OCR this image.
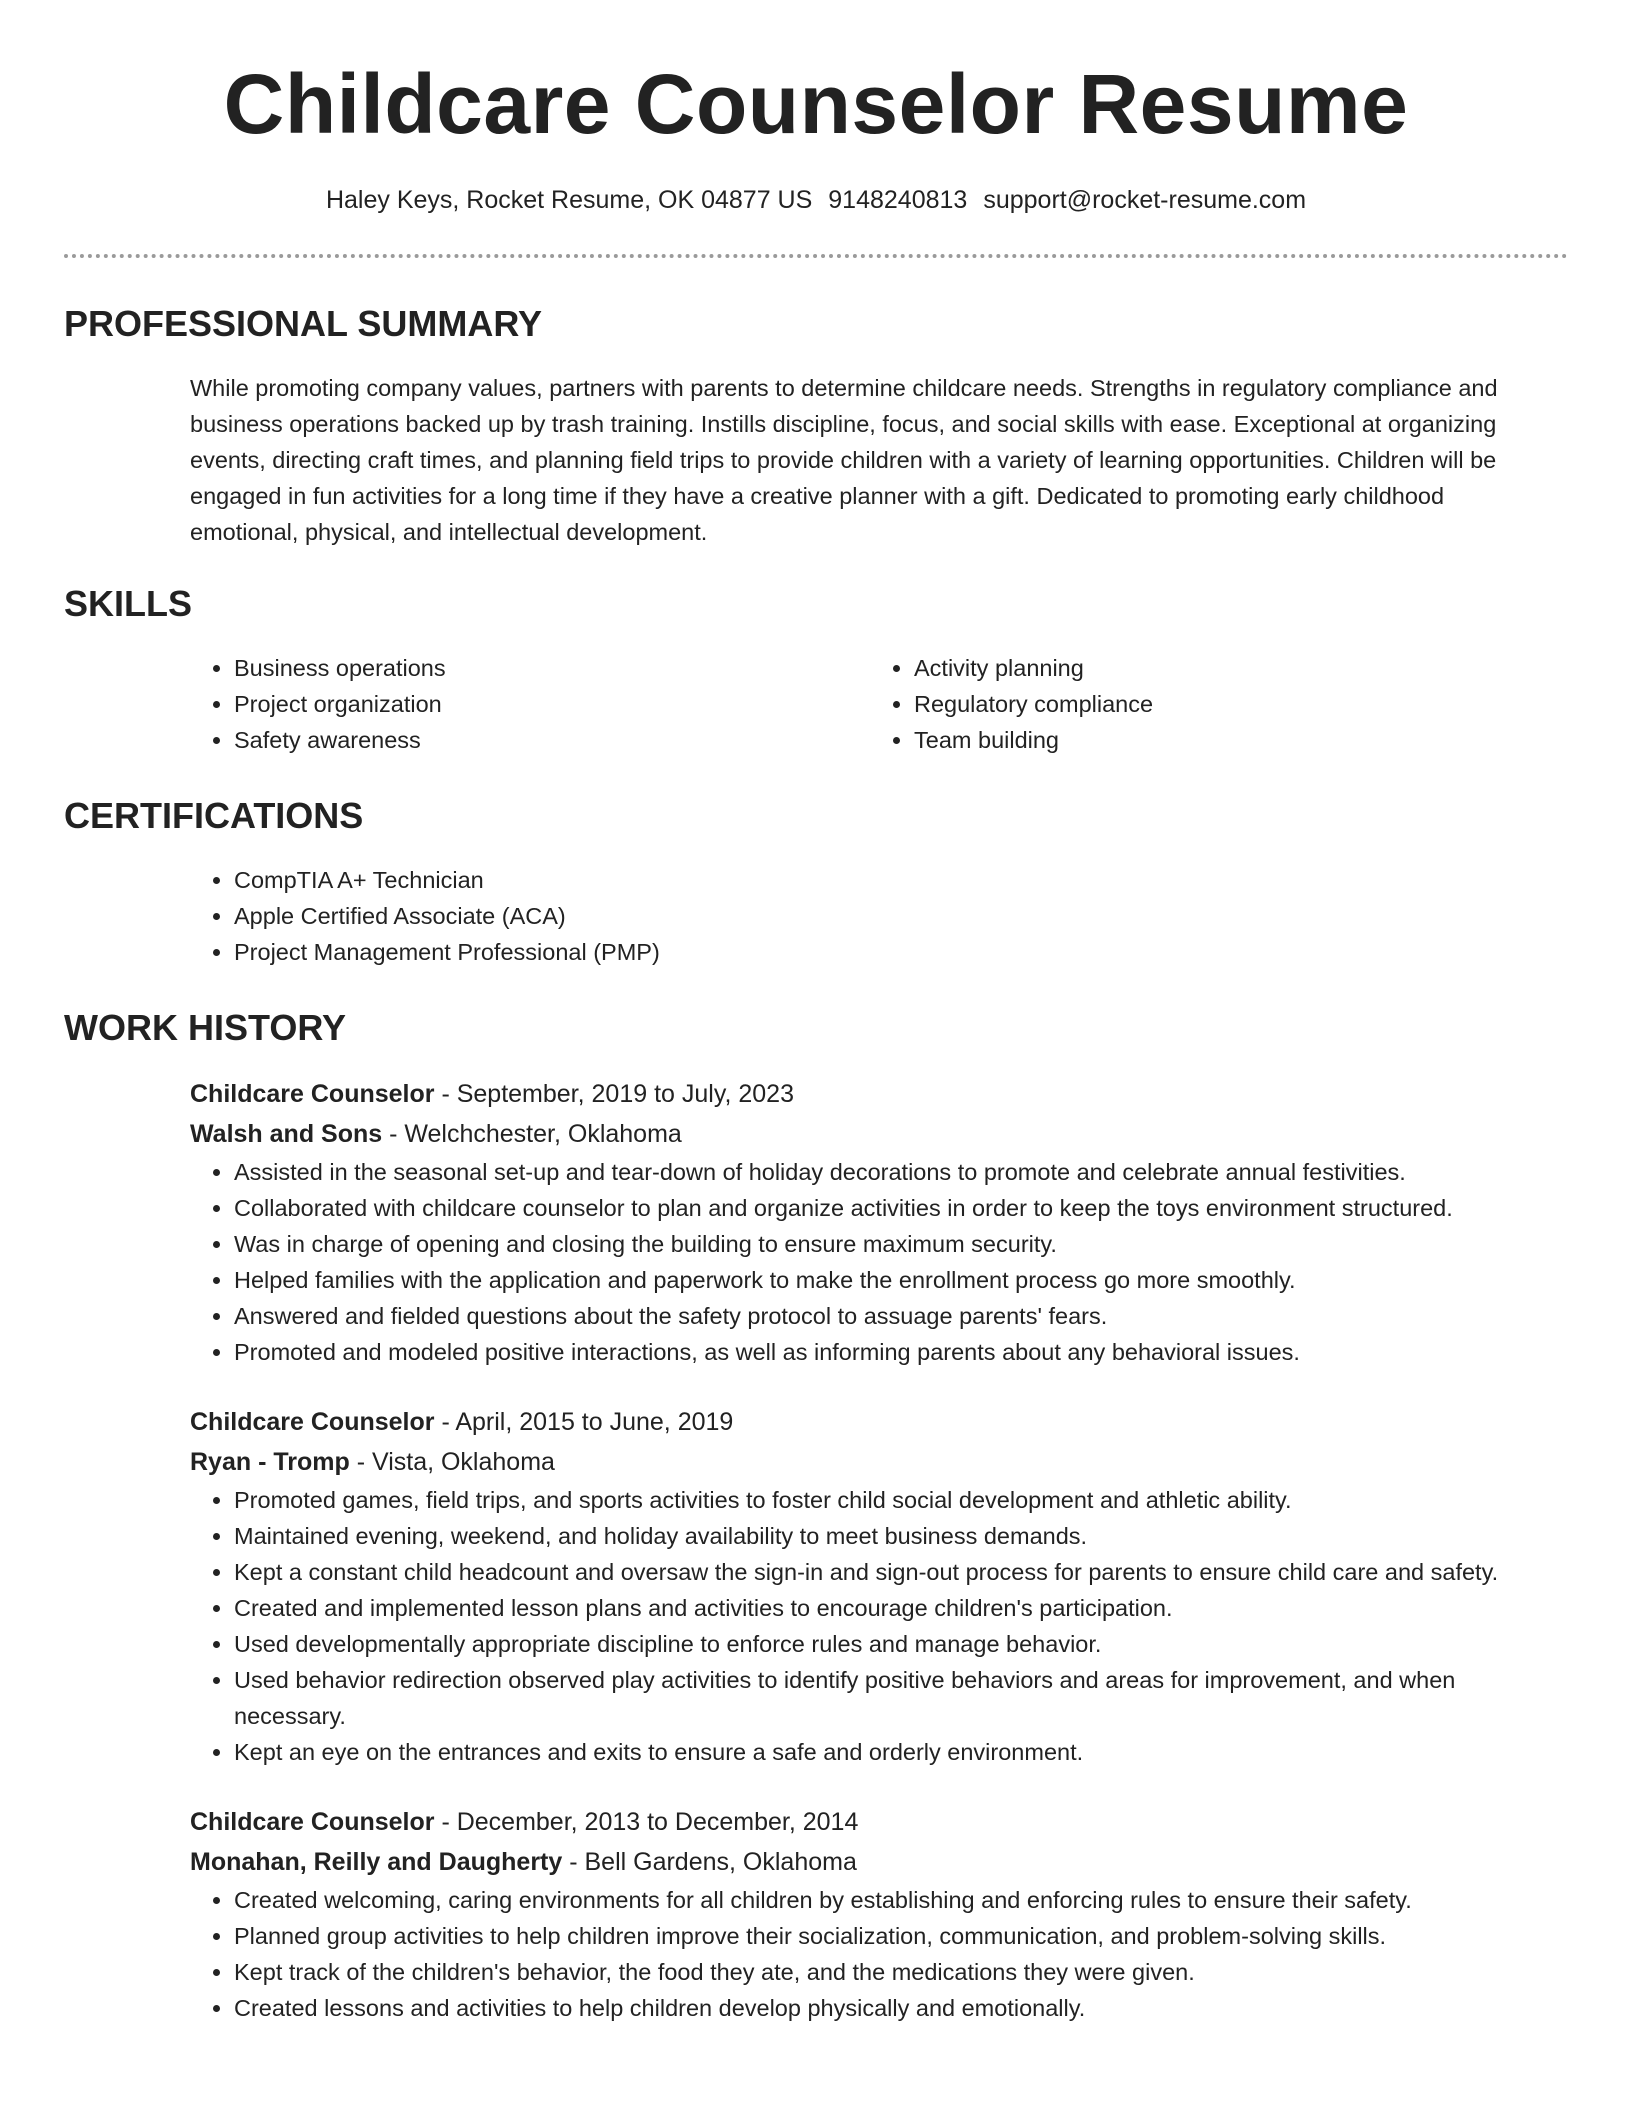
Childcare Counselor Resume
Haley Keys, Rocket Resume, OK 04877 US 9148240813 support@rocket-resume.com
PROFESSIONAL SUMMARY
While promoting company values, partners with parents to determine childcare needs. Strengths in regulatory compliance and business operations backed up by trash training. Instills discipline, focus, and social skills with ease. Exceptional at organizing events, directing craft times, and planning field trips to provide children with a variety of learning opportunities. Children will be engaged in fun activities for a long time if they have a creative planner with a gift. Dedicated to promoting early childhood emotional, physical, and intellectual development.
SKILLS
• Business operations
• Project organization
• Safety awareness
• Activity planning
• Regulatory compliance
• Team building
CERTIFICATIONS
• CompTIA A+ Technician
• Apple Certified Associate (ACA)
• Project Management Professional (PMP)
WORK HISTORY
Childcare Counselor - September, 2019 to July, 2023
Walsh and Sons - Welchchester, Oklahoma
• Assisted in the seasonal set-up and tear-down of holiday decorations to promote and celebrate annual festivities.
• Collaborated with childcare counselor to plan and organize activities in order to keep the toys environment structured.
• Was in charge of opening and closing the building to ensure maximum security.
• Helped families with the application and paperwork to make the enrollment process go more smoothly.
• Answered and fielded questions about the safety protocol to assuage parents' fears.
• Promoted and modeled positive interactions, as well as informing parents about any behavioral issues.
Childcare Counselor - April, 2015 to June, 2019
Ryan - Tromp - Vista, Oklahoma
• Promoted games, field trips, and sports activities to foster child social development and athletic ability.
• Maintained evening, weekend, and holiday availability to meet business demands.
• Kept a constant child headcount and oversaw the sign-in and sign-out process for parents to ensure child care and safety.
• Created and implemented lesson plans and activities to encourage children's participation.
• Used developmentally appropriate discipline to enforce rules and manage behavior.
• Used behavior redirection observed play activities to identify positive behaviors and areas for improvement, and when necessary.
• Kept an eye on the entrances and exits to ensure a safe and orderly environment.
Childcare Counselor - December, 2013 to December, 2014
Monahan, Reilly and Daugherty - Bell Gardens, Oklahoma
• Created welcoming, caring environments for all children by establishing and enforcing rules to ensure their safety.
• Planned group activities to help children improve their socialization, communication, and problem-solving skills.
• Kept track of the children's behavior, the food they ate, and the medications they were given.
• Created lessons and activities to help children develop physically and emotionally.
